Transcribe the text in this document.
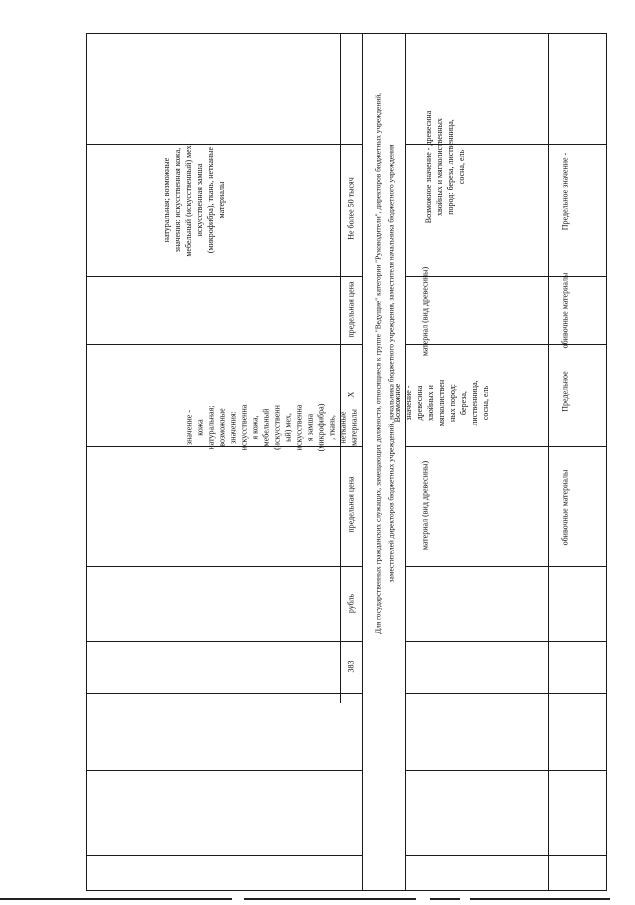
383
рубль
предельная цена
X
предельная цена
Не более 50 тысяч
значение -
кожа
натуральная;
возможные
значения:
искусственна
я кожа,
мебельный
(искусственн
ый) мех,
искусственна
я замша
(микрофибра)
, ткань,
нетканые
материалы
натуральная; возможные
значения: искусственная кожа,
мебельный (искусственный) мех,
искусственная замша
(микрофибра), ткань, нетканые
материалы	Для государственных гражданских служащих, замещающих должности, относящиеся к группе "Ведущие" категории "Руководители", директоров бюджетных учреждений, заместителей директоров бюджетных учреждений, начальника бюджетного учреждения, заместителя начальника бюджетного учреждения	материал (вид древесины)
Возможное
значение -
древесина
хвойных и
мягколиствен
ных пород:
березa,
лиственница,
сосна, ель
материал (вид древесины)
Возможное значение - древесина
хвойных и мягколиственных
пород: береза, лиственница,
сосна, ель
обивочные материалы
Предельное
обивочные материалы
Предельное значение -
